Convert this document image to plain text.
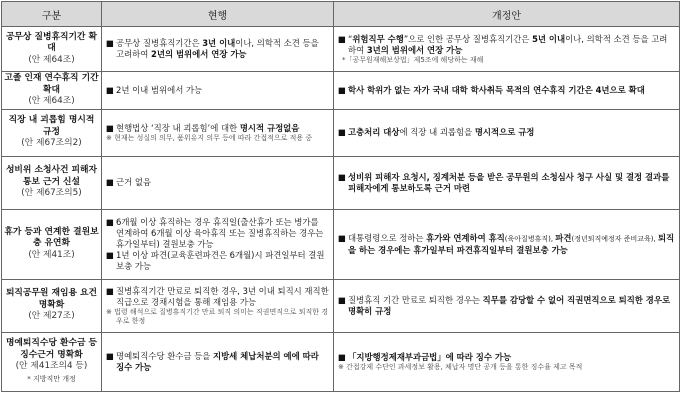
구분	현행	개정안

공무상 질병휴직기간 확대
(안 제64조)	■ 공무상 질병휴직기간은 3년 이내이나, 의학적 소견 등을 고려하여 2년의 범위에서 연장 가능	■ “위험직무 수행”으로 인한 공무상 질병휴직기간은 5년 이내이나, 의학적 소견 등을 고려하여 3년의 범위에서 연장 가능
*「공무원재해보상법」제5조에 해당하는 재해

고졸 인재 연수휴직 기간 확대
(안 제64조)	■ 2년 이내 범위에서 가능	■ 학사 학위가 없는 자가 국내 대학 학사취득 목적의 연수휴직 기간은 4년으로 확대

직장 내 괴롭힘 명시적 규정
(안 제67조의2)	■ 현행법상 ‘직장 내 괴롭힘’에 대한 명시적 규정없음
※ 현재는 성실의 의무, 품위유지 의무 등에 따라 간접적으로 적용 중	■ 고충처리 대상에 직장 내 괴롭힘을 명시적으로 규정

성비위 소청사건 피해자 통보 근거 신설
(안 제67조의5)	■ 근거 없음	■ 성비위 피해자 요청시, 징계처분 등을 받은 공무원의 소청심사 청구 사실 및 결정 결과를 피해자에게 통보하도록 근거 마련

휴가 등과 연계한 결원보충 유연화
(안 제41조)	■ 6개월 이상 휴직하는 경우 휴직일(출산휴가 또는 병가를 연계하여 6개월 이상 육아휴직 또는 질병휴직하는 경우는 휴가일부터) 결원보충 가능
■ 1년 이상 파견(교육훈련파견은 6개월)시 파견일부터 결원 보충 가능	■ 대통령령으로 정하는 휴가와 연계하여 휴직(육아질병휴직), 파견(정년퇴직예정자 준비교육), 퇴직을 하는 경우에는 휴가일부터 파견휴직일부터 결원보충 가능

퇴직공무원 재임용 요건 명확화
(안 제27조)	■ 질병휴직기간 만료로 퇴직한 경우, 3년 이내 퇴직시 재직한 직급으로 경채시험을 통해 재임용 가능
※ 법령 해석으로 질병휴직기간 만료 퇴직 의미는 직권면직으로 퇴직한 경우로 한정	■ 질병휴직 기간 만료로 퇴직한 경우는 직무를 감당할 수 없어 직권면직으로 퇴직한 경우로 명확히 규정

명예퇴직수당 환수금 등 징수근거 명확화
(안 제41조의4 등)
* 지방직만 개정	■ 명예퇴직수당 환수금 등을 지방세 체납처분의 예에 따라 징수 가능	■ 「지방행정제재부과금법」에 따라 징수 가능
※ 간접강제 수단인 과세정보 활용, 체납자 명단 공개 등을 통한 징수율 제고 목적
